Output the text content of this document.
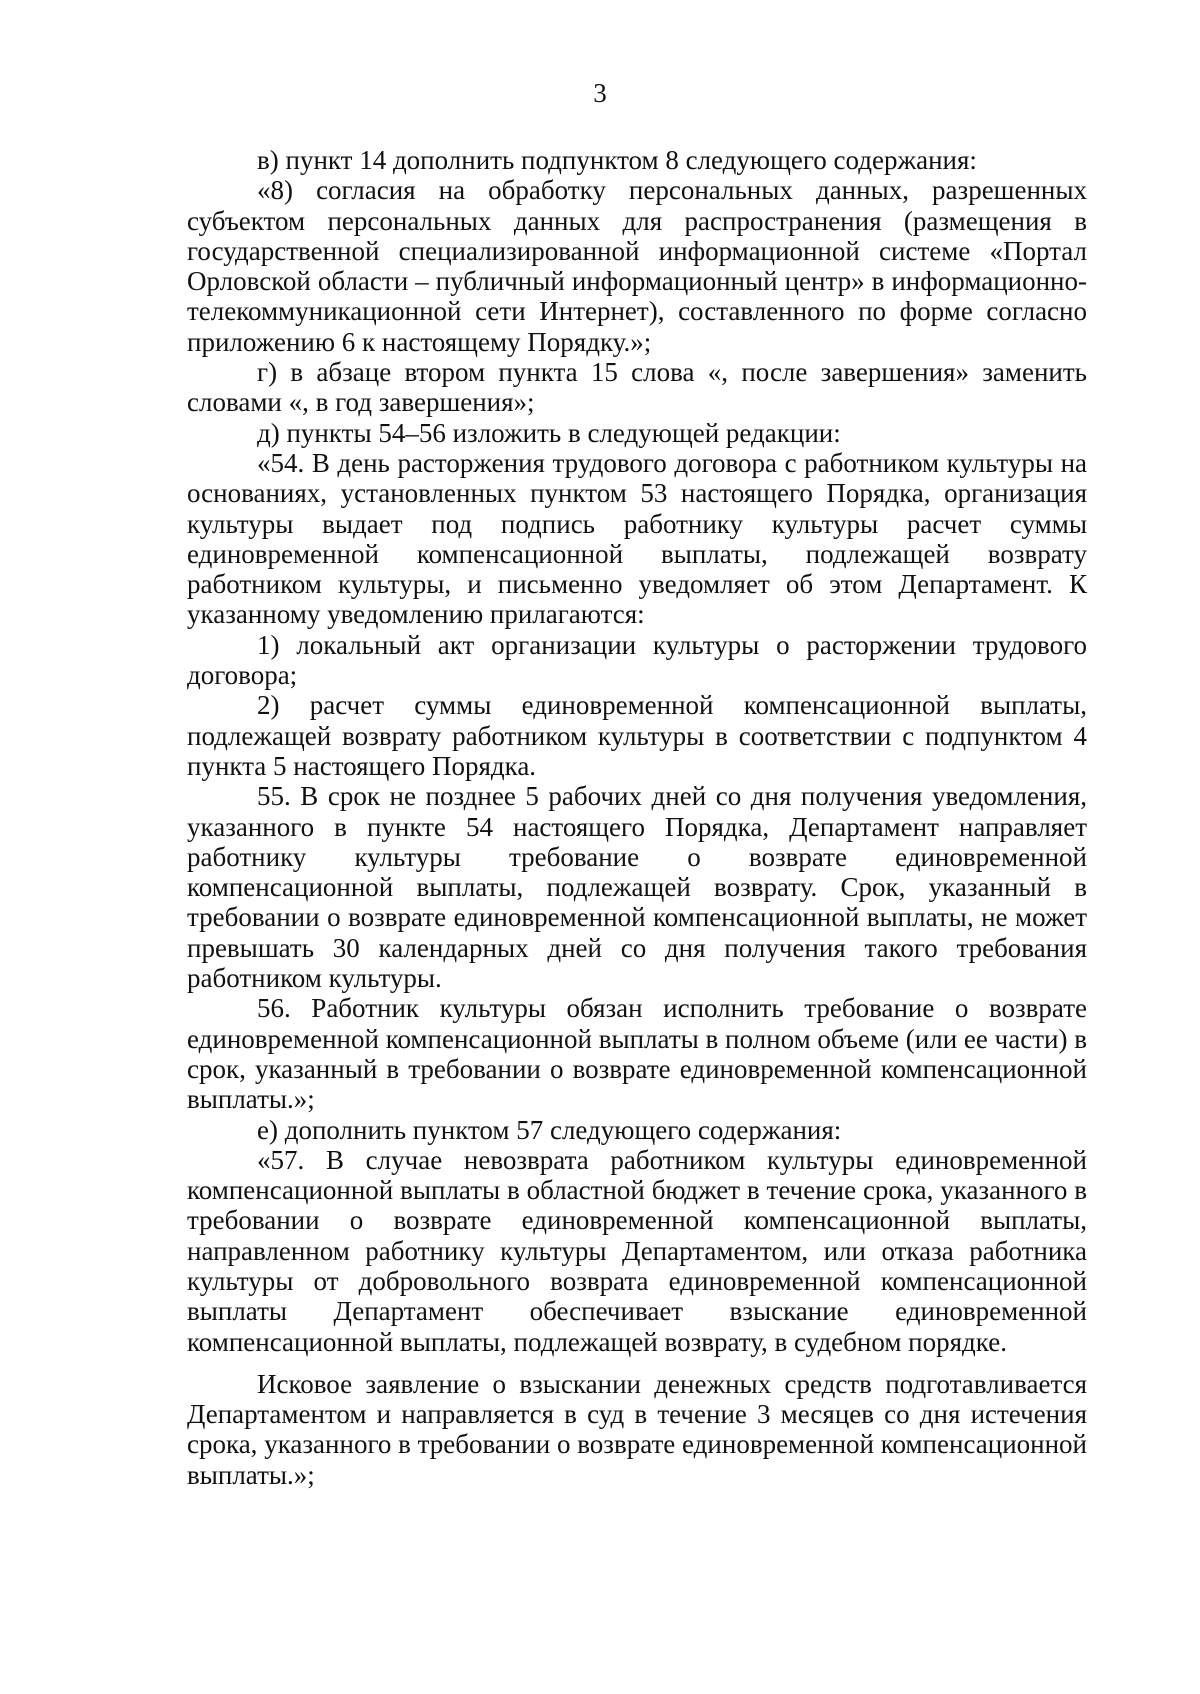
3

в) пункт 14 дополнить подпунктом 8 следующего содержания:

«8) согласия на обработку персональных данных, разрешенных субъектом персональных данных для распространения (размещения в государственной специализированной информационной системе «Портал Орловской области – публичный информационный центр» в информационно-телекоммуникационной сети Интернет), составленного по форме согласно приложению 6 к настоящему Порядку.»;

г) в абзаце втором пункта 15 слова «, после завершения» заменить словами «, в год завершения»;

д) пункты 54–56 изложить в следующей редакции:

«54. В день расторжения трудового договора с работником культуры на основаниях, установленных пунктом 53 настоящего Порядка, организация культуры выдает под подпись работнику культуры расчет суммы единовременной компенсационной выплаты, подлежащей возврату работником культуры, и письменно уведомляет об этом Департамент. К указанному уведомлению прилагаются:

1) локальный акт организации культуры о расторжении трудового договора;

2) расчет суммы единовременной компенсационной выплаты, подлежащей возврату работником культуры в соответствии с подпунктом 4 пункта 5 настоящего Порядка.

55. В срок не позднее 5 рабочих дней со дня получения уведомления, указанного в пункте 54 настоящего Порядка, Департамент направляет работнику культуры требование о возврате единовременной компенсационной выплаты, подлежащей возврату. Срок, указанный в требовании о возврате единовременной компенсационной выплаты, не может превышать 30 календарных дней со дня получения такого требования работником культуры.

56. Работник культуры обязан исполнить требование о возврате единовременной компенсационной выплаты в полном объеме (или ее части) в срок, указанный в требовании о возврате единовременной компенсационной выплаты.»;

е) дополнить пунктом 57 следующего содержания:

«57. В случае невозврата работником культуры единовременной компенсационной выплаты в областной бюджет в течение срока, указанного в требовании о возврате единовременной компенсационной выплаты, направленном работнику культуры Департаментом, или отказа работника культуры от добровольного возврата единовременной компенсационной выплаты Департамент обеспечивает взыскание единовременной компенсационной выплаты, подлежащей возврату, в судебном порядке.

Исковое заявление о взыскании денежных средств подготавливается Департаментом и направляется в суд в течение 3 месяцев со дня истечения срока, указанного в требовании о возврате единовременной компенсационной выплаты.»;
